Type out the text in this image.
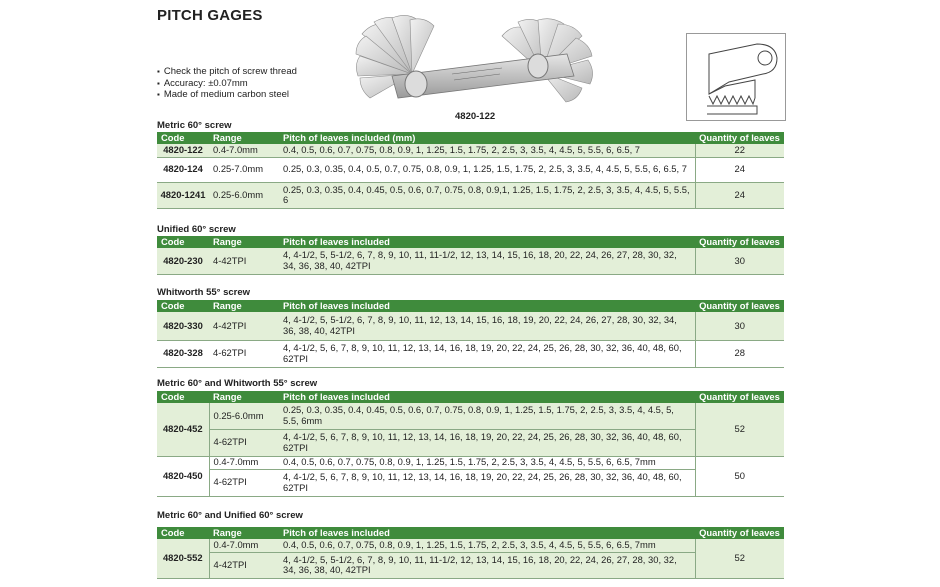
PITCH GAGES
▪ Check the pitch of screw thread
▪ Accuracy: ±0.07mm
▪ Made of medium carbon steel
4820-122
Metric 60° screw
Code	Range	Pitch of leaves included (mm)	Quantity of leaves
4820-122	0.4-7.0mm	0.4, 0.5, 0.6, 0.7, 0.75, 0.8, 0.9, 1, 1.25, 1.5, 1.75, 2, 2.5, 3, 3.5, 4, 4.5, 5, 5.5, 6, 6.5, 7	22
4820-124	0.25-7.0mm	0.25, 0.3, 0.35, 0.4, 0.5, 0.7, 0.75, 0.8, 0.9, 1, 1.25, 1.5, 1.75, 2, 2.5, 3, 3.5, 4, 4.5, 5, 5.5, 6, 6.5, 7	24
4820-1241	0.25-6.0mm	0.25, 0.3, 0.35, 0.4, 0.45, 0.5, 0.6, 0.7, 0.75, 0.8, 0.9,1, 1.25, 1.5, 1.75, 2, 2.5, 3, 3.5, 4, 4.5, 5, 5.5, 6	24
Unified 60° screw
Code	Range	Pitch of leaves included	Quantity of leaves
4820-230	4-42TPI	4, 4-1/2, 5, 5-1/2, 6, 7, 8, 9, 10, 11, 11-1/2, 12, 13, 14, 15, 16, 18, 20, 22, 24, 26, 27, 28, 30, 32, 34, 36, 38, 40, 42TPI	30
Whitworth 55° screw
Code	Range	Pitch of leaves included	Quantity of leaves
4820-330	4-42TPI	4, 4-1/2, 5, 5-1/2, 6, 7, 8, 9, 10, 11, 12, 13, 14, 15, 16, 18, 19, 20, 22, 24, 26, 27, 28, 30, 32, 34, 36, 38, 40, 42TPI	30
4820-328	4-62TPI	4, 4-1/2, 5, 6, 7, 8, 9, 10, 11, 12, 13, 14, 16, 18, 19, 20, 22, 24, 25, 26, 28, 30, 32, 36, 40, 48, 60, 62TPI	28
Metric 60° and Whitworth 55° screw
Code	Range	Pitch of leaves included	Quantity of leaves
4820-452	0.25-6.0mm	0.25, 0.3, 0.35, 0.4, 0.45, 0.5, 0.6, 0.7, 0.75, 0.8, 0.9, 1, 1.25, 1.5, 1.75, 2, 2.5, 3, 3.5, 4, 4.5, 5, 5.5, 6mm	52
	4-62TPI	4, 4-1/2, 5, 6, 7, 8, 9, 10, 11, 12, 13, 14, 16, 18, 19, 20, 22, 24, 25, 26, 28, 30, 32, 36, 40, 48, 60, 62TPI	
4820-450	0.4-7.0mm	0.4, 0.5, 0.6, 0.7, 0.75, 0.8, 0.9, 1, 1.25, 1.5, 1.75, 2, 2.5, 3, 3.5, 4, 4.5, 5, 5.5, 6, 6.5, 7mm	50
	4-62TPI	4, 4-1/2, 5, 6, 7, 8, 9, 10, 11, 12, 13, 14, 16, 18, 19, 20, 22, 24, 25, 26, 28, 30, 32, 36, 40, 48, 60, 62TPI	
Metric 60° and Unified 60° screw
Code	Range	Pitch of leaves included	Quantity of leaves
4820-552	0.4-7.0mm	0.4, 0.5, 0.6, 0.7, 0.75, 0.8, 0.9, 1, 1.25, 1.5, 1.75, 2, 2.5, 3, 3.5, 4, 4.5, 5, 5.5, 6, 6.5, 7mm	52
	4-42TPI	4, 4-1/2, 5, 5-1/2, 6, 7, 8, 9, 10, 11, 11-1/2, 12, 13, 14, 15, 16, 18, 20, 22, 24, 26, 27, 28, 30, 32, 34, 36, 38, 40, 42TPI	
